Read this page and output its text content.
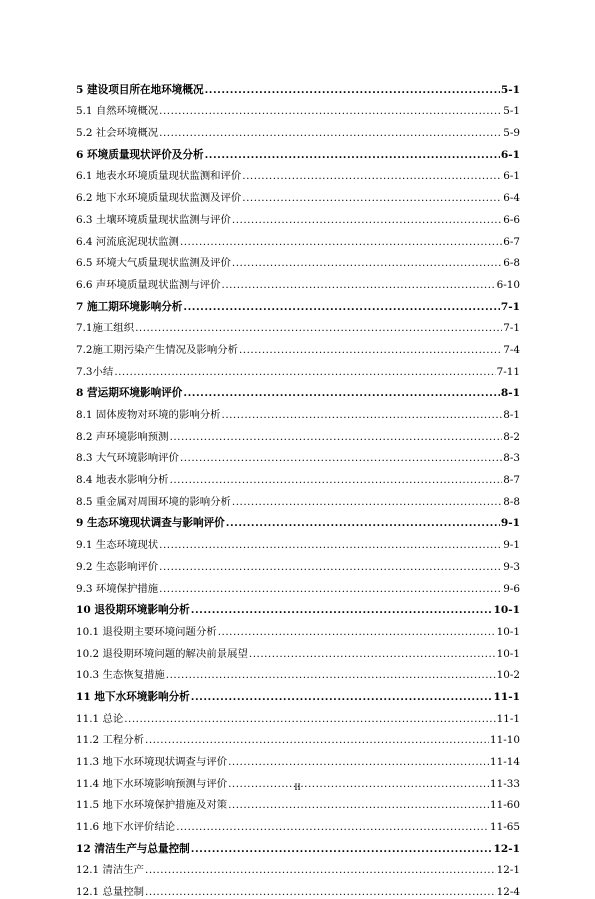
5 建设项目所在地环境概况 .....	5-1
5.1 自然环境概况 .....	5-1
5.2 社会环境概况 .....	5-9
6 环境质量现状评价及分析 .....	6-1
6.1 地表水环境质量现状监测和评价 .....	6-1
6.2 地下水环境质量现状监测及评价 .....	6-4
6.3 土壤环境质量现状监测与评价 .....	6-6
6.4 河流底泥现状监测 .....	6-7
6.5 环境大气质量现状监测及评价 .....	6-8
6.6 声环境质量现状监测与评价 .....	6-10
7 施工期环境影响分析 .....	7-1
7.1施工组织 .....	7-1
7.2施工期污染产生情况及影响分析 .....	7-4
7.3小结 .....	7-11
8 营运期环境影响评价 .....	8-1
8.1 固体废物对环境的影响分析 .....	8-1
8.2 声环境影响预测 .....	8-2
8.3 大气环境影响评价 .....	8-3
8.4 地表水影响分析 .....	8-7
8.5 重金属对周围环境的影响分析 .....	8-8
9 生态环境现状调查与影响评价 .....	9-1
9.1 生态环境现状 .....	9-1
9.2 生态影响评价 .....	9-3
9.3 环境保护措施 .....	9-6
10 退役期环境影响分析 .....	10-1
10.1 退役期主要环境问题分析 .....	10-1
10.2 退役期环境问题的解决前景展望 .....	10-1
10.3 生态恢复措施 .....	10-2
11 地下水环境影响分析 .....	11-1
11.1 总论 .....	11-1
11.2 工程分析 .....	11-10
11.3 地下水环境现状调查与评价 .....	11-14
11.4 地下水环境影响预测与评价 .....	11-33
11.5 地下水环境保护措施及对策 .....	11-60
11.6 地下水评价结论 .....	11-65
12 清洁生产与总量控制 .....	12-1
12.1 清洁生产 .....	12-1
12.1 总量控制 .....	12-4
II
